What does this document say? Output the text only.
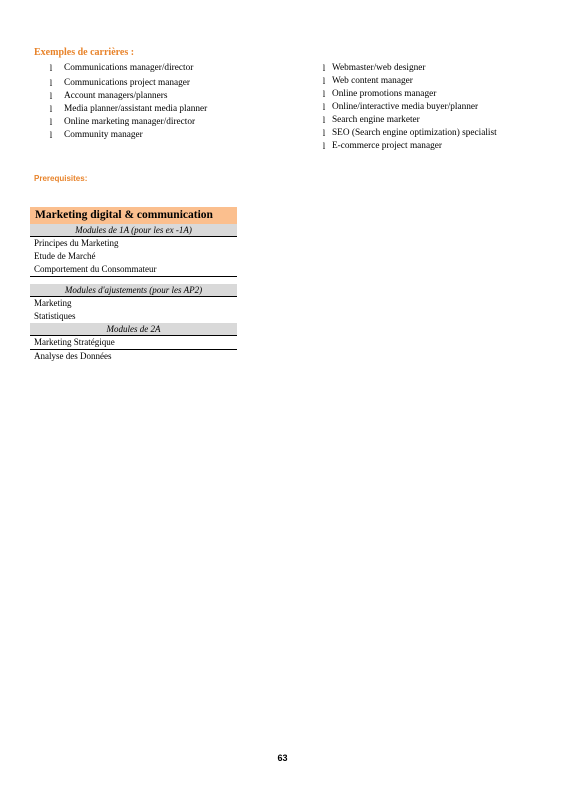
Exemples de carrières :
l	Communications manager/director
l	Communications project manager
l	Account managers/planners
l	Media planner/assistant media planner
l	Online marketing manager/director
l	Community manager
l Webmaster/web designer
l Web content manager
l Online promotions manager
l Online/interactive media buyer/planner
l Search engine marketer
l SEO (Search engine optimization) specialist
l E-commerce project manager
Prerequisites:
Marketing digital & communication
Modules de 1A (pour les ex -1A)
Principes du Marketing
Etude de Marché
Comportement du Consommateur
Modules d'ajustements (pour les AP2)
Marketing
Statistiques
Modules de 2A
Marketing Stratégique
Analyse des Données
63
